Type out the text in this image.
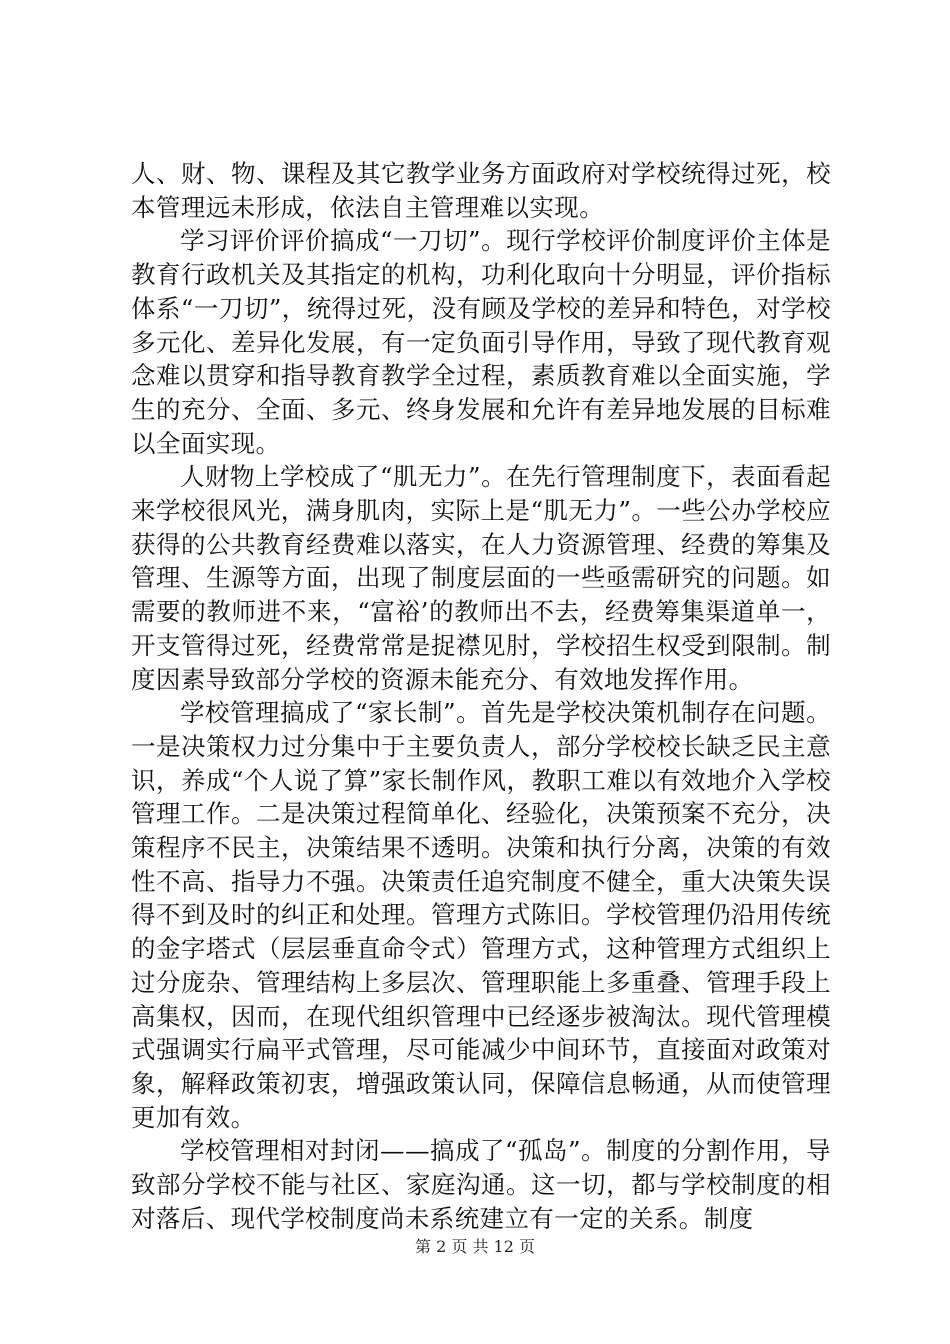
人、财、物、课程及其它教学业务方面政府对学校统得过死，校本管理远未形成，依法自主管理难以实现。

学习评价评价搞成“一刀切”。现行学校评价制度评价主体是教育行政机关及其指定的机构，功利化取向十分明显，评价指标体系“一刀切”，统得过死，没有顾及学校的差异和特色，对学校多元化、差异化发展，有一定负面引导作用，导致了现代教育观念难以贯穿和指导教育教学全过程，素质教育难以全面实施，学生的充分、全面、多元、终身发展和允许有差异地发展的目标难以全面实现。

人财物上学校成了“肌无力”。在先行管理制度下，表面看起来学校很风光，满身肌肉，实际上是“肌无力”。一些公办学校应获得的公共教育经费难以落实，在人力资源管理、经费的筹集及管理、生源等方面，出现了制度层面的一些亟需研究的问题。如需要的教师进不来，“富裕’的教师出不去，经费筹集渠道单一，开支管得过死，经费常常是捉襟见肘，学校招生权受到限制。制度因素导致部分学校的资源未能充分、有效地发挥作用。

学校管理搞成了“家长制”。首先是学校决策机制存在问题。一是决策权力过分集中于主要负责人，部分学校校长缺乏民主意识，养成“个人说了算”家长制作风，教职工难以有效地介入学校管理工作。二是决策过程简单化、经验化，决策预案不充分，决策程序不民主，决策结果不透明。决策和执行分离，决策的有效性不高、指导力不强。决策责任追究制度不健全，重大决策失误得不到及时的纠正和处理。管理方式陈旧。学校管理仍沿用传统的金字塔式（层层垂直命令式）管理方式，这种管理方式组织上过分庞杂、管理结构上多层次、管理职能上多重叠、管理手段上高集权，因而，在现代组织管理中已经逐步被淘汰。现代管理模式强调实行扁平式管理，尽可能减少中间环节，直接面对政策对象，解释政策初衷，增强政策认同，保障信息畅通，从而使管理更加有效。

学校管理相对封闭——搞成了“孤岛”。制度的分割作用，导致部分学校不能与社区、家庭沟通。这一切，都与学校制度的相对落后、现代学校制度尚未系统建立有一定的关系。制度

第 2 页 共 12 页
